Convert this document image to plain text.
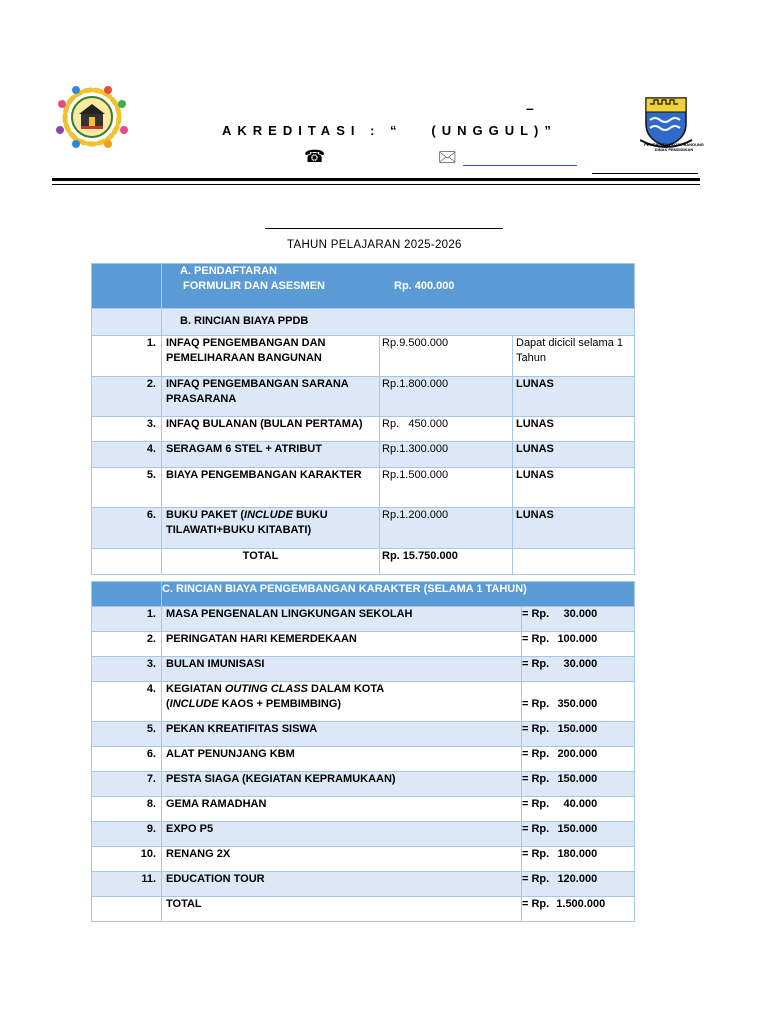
–
AKREDITASI : “   (UNGGUL)”
☎	🖂
PEMERINTAH KOTA BANDUNG DINAS PENDIDIKAN
TAHUN PELAJARAN 2025-2026

	A. PENDAFTARAN
FORMULIR DAN ASESMEN Rp. 400.000		

	B. RINCIAN BIAYA PPDB		
1.	INFAQ PENGEMBANGAN DAN PEMELIHARAAN BANGUNAN	Rp.9.500.000	Dapat dicicil selama 1 Tahun
2.	INFAQ PENGEMBANGAN SARANA PRASARANA	Rp.1.800.000	LUNAS
3.	INFAQ BULANAN (BULAN PERTAMA)	Rp. 450.000	LUNAS
4.	SERAGAM 6 STEL + ATRIBUT	Rp.1.300.000	LUNAS
5.	BIAYA PENGEMBANGAN KARAKTER	Rp.1.500.000	LUNAS
6.	BUKU PAKET (INCLUDE BUKU TILAWATI+BUKU KITABATI)	Rp.1.200.000	LUNAS
	TOTAL	Rp. 15.750.000	
	C. RINCIAN BIAYA PENGEMBANGAN KARAKTER (SELAMA 1 TAHUN)	
1.	MASA PENGENALAN LINGKUNGAN SEKOLAH	= Rp. 30.000
2.	PERINGATAN HARI KEMERDEKAAN	= Rp. 100.000
3.	BULAN IMUNISASI	= Rp. 30.000
4.	KEGIATAN OUTING CLASS DALAM KOTA
(INCLUDE KAOS + PEMBIMBING)	= Rp. 350.000
5.	PEKAN KREATIFITAS SISWA	= Rp. 150.000
6.	ALAT PENUNJANG KBM	= Rp. 200.000
7.	PESTA SIAGA (KEGIATAN KEPRAMUKAAN)	= Rp. 150.000
8.	GEMA RAMADHAN	= Rp. 40.000
9.	EXPO P5	= Rp. 150.000
10.	RENANG 2X	= Rp. 180.000
11.	EDUCATION TOUR	= Rp. 120.000
	TOTAL	= Rp. 1.500.000
